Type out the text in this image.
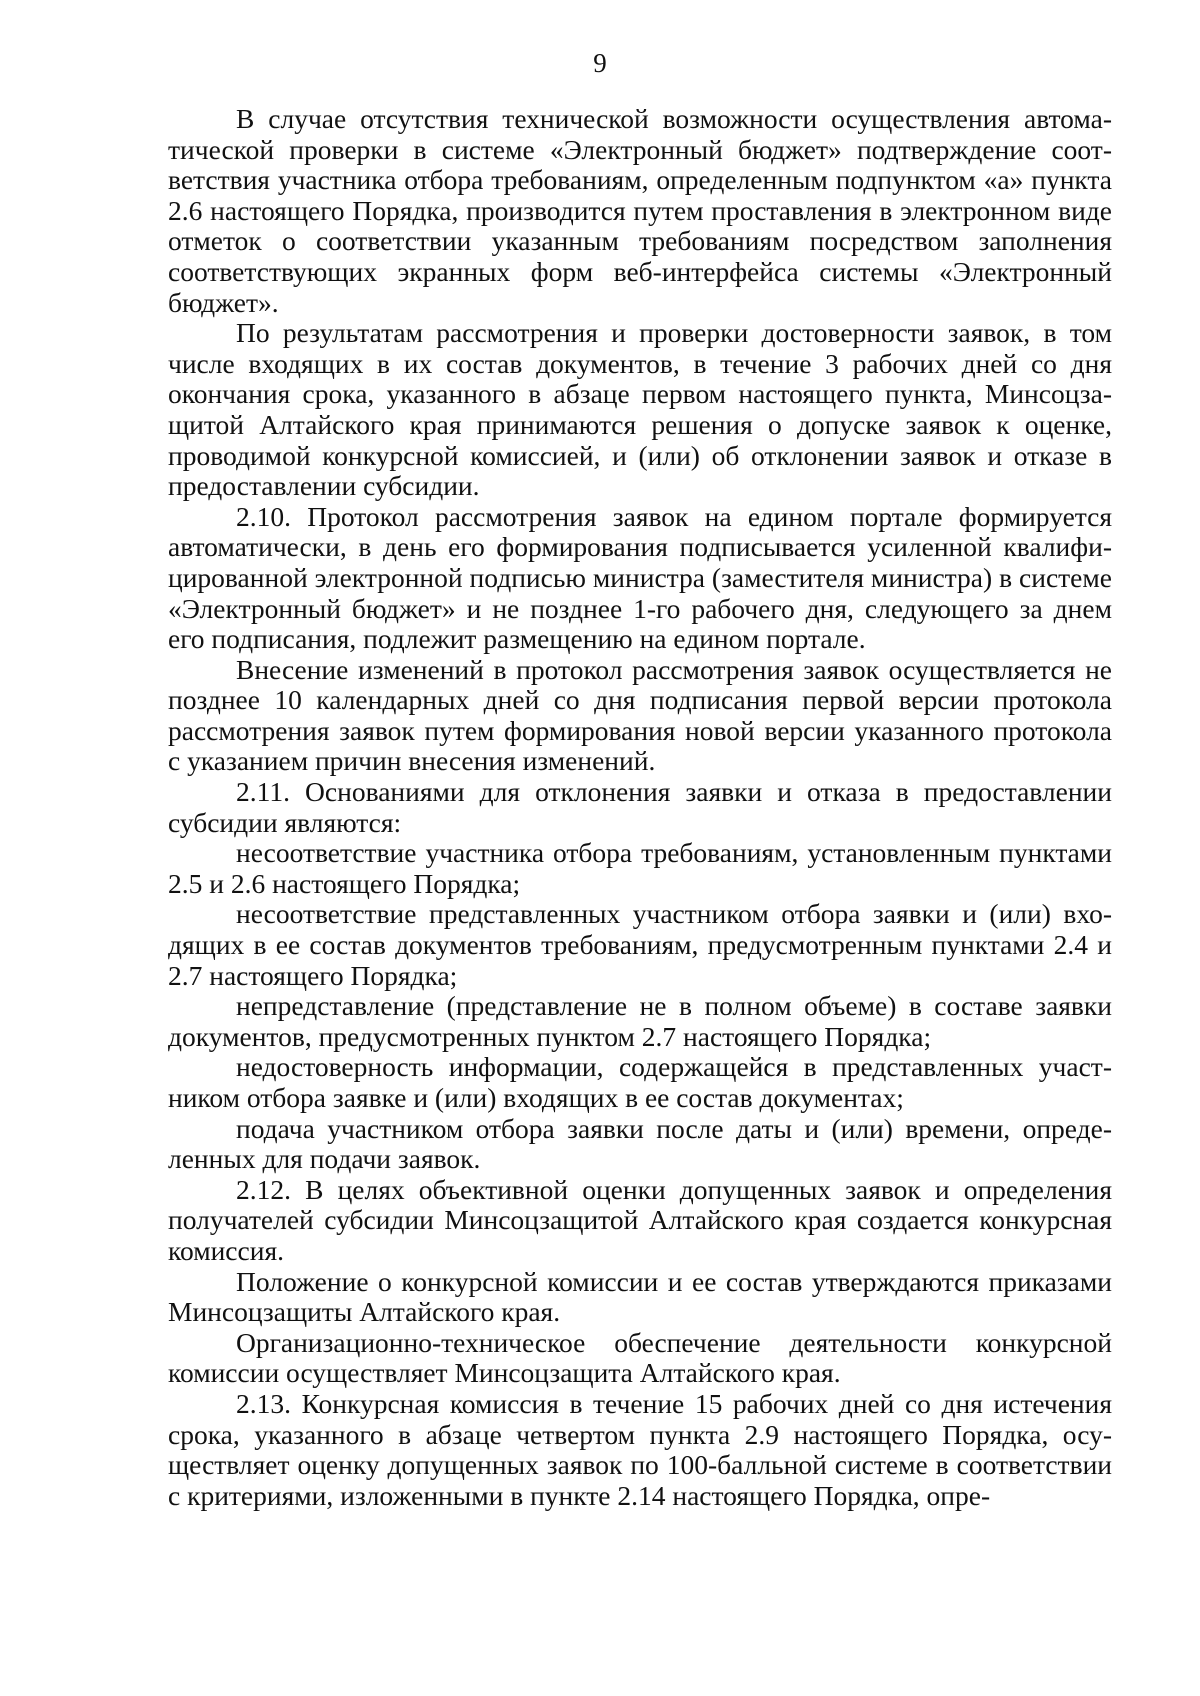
9

В случае отсутствия технической возможности осуществления автоматической проверки в системе «Электронный бюджет» подтверждение соответствия участника отбора требованиям, определенным подпунктом «а» пункта 2.6 настоящего Порядка, производится путем проставления в электронном виде отметок о соответствии указанным требованиям посредством заполнения соответствующих экранных форм веб-интерфейса системы «Электронный бюджет».

По результатам рассмотрения и проверки достоверности заявок, в том числе входящих в их состав документов, в течение 3 рабочих дней со дня окончания срока, указанного в абзаце первом настоящего пункта, Минсоцзащитой Алтайского края принимаются решения о допуске заявок к оценке, проводимой конкурсной комиссией, и (или) об отклонении заявок и отказе в предоставлении субсидии.

2.10. Протокол рассмотрения заявок на едином портале формируется автоматически, в день его формирования подписывается усиленной квалифицированной электронной подписью министра (заместителя министра) в системе «Электронный бюджет» и не позднее 1-го рабочего дня, следующего за днем его подписания, подлежит размещению на едином портале.

Внесение изменений в протокол рассмотрения заявок осуществляется не позднее 10 календарных дней со дня подписания первой версии протокола рассмотрения заявок путем формирования новой версии указанного протокола с указанием причин внесения изменений.

2.11. Основаниями для отклонения заявки и отказа в предоставлении субсидии являются:

несоответствие участника отбора требованиям, установленным пунктами 2.5 и 2.6 настоящего Порядка;

несоответствие представленных участником отбора заявки и (или) входящих в ее состав документов требованиям, предусмотренным пунктами 2.4 и 2.7 настоящего Порядка;

непредставление (представление не в полном объеме) в составе заявки документов, предусмотренных пунктом 2.7 настоящего Порядка;

недостоверность информации, содержащейся в представленных участником отбора заявке и (или) входящих в ее состав документах;

подача участником отбора заявки после даты и (или) времени, определенных для подачи заявок.

2.12. В целях объективной оценки допущенных заявок и определения получателей субсидии Минсоцзащитой Алтайского края создается конкурсная комиссия.

Положение о конкурсной комиссии и ее состав утверждаются приказами Минсоцзащиты Алтайского края.

Организационно-техническое обеспечение деятельности конкурсной комиссии осуществляет Минсоцзащита Алтайского края.

2.13. Конкурсная комиссия в течение 15 рабочих дней со дня истечения срока, указанного в абзаце четвертом пункта 2.9 настоящего Порядка, осуществляет оценку допущенных заявок по 100-балльной системе в соответствии с критериями, изложенными в пункте 2.14 настоящего Порядка, опре-
